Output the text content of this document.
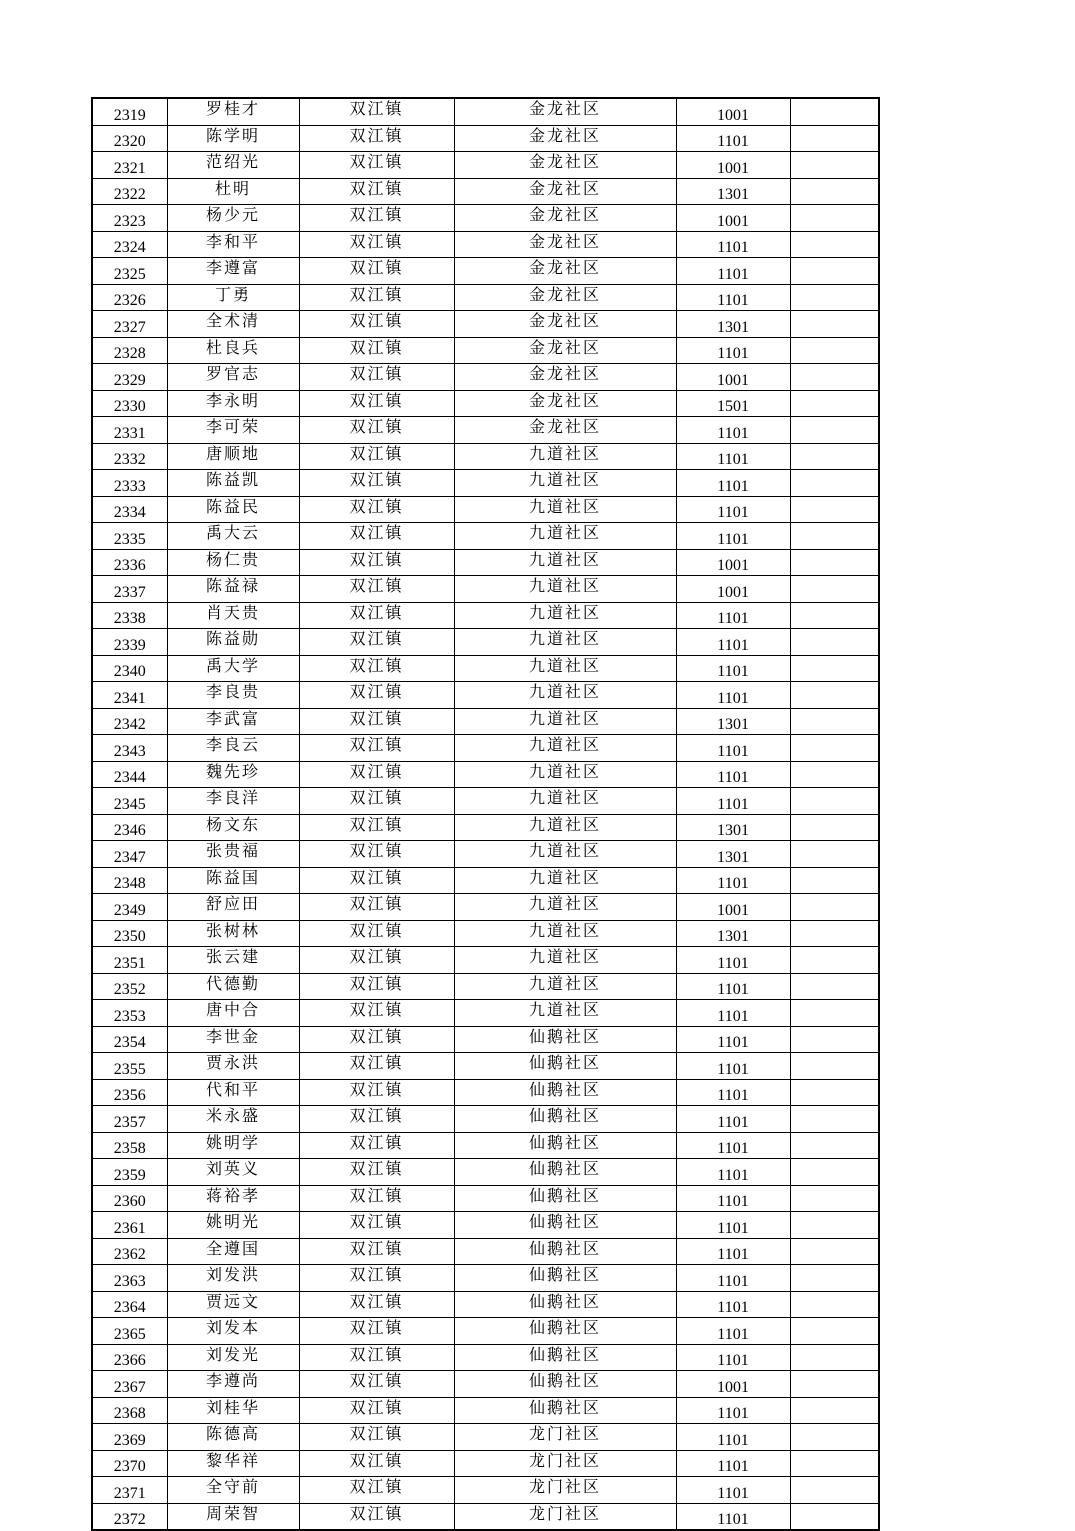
2319	罗桂才	双江镇	金龙社区	1001	
2320	陈学明	双江镇	金龙社区	1101	
2321	范绍光	双江镇	金龙社区	1001	
2322	杜明	双江镇	金龙社区	1301	
2323	杨少元	双江镇	金龙社区	1001	
2324	李和平	双江镇	金龙社区	1101	
2325	李遵富	双江镇	金龙社区	1101	
2326	丁勇	双江镇	金龙社区	1101	
2327	全术清	双江镇	金龙社区	1301	
2328	杜良兵	双江镇	金龙社区	1101	
2329	罗官志	双江镇	金龙社区	1001	
2330	李永明	双江镇	金龙社区	1501	
2331	李可荣	双江镇	金龙社区	1101	
2332	唐顺地	双江镇	九道社区	1101	
2333	陈益凯	双江镇	九道社区	1101	
2334	陈益民	双江镇	九道社区	1101	
2335	禹大云	双江镇	九道社区	1101	
2336	杨仁贵	双江镇	九道社区	1001	
2337	陈益禄	双江镇	九道社区	1001	
2338	肖天贵	双江镇	九道社区	1101	
2339	陈益勋	双江镇	九道社区	1101	
2340	禹大学	双江镇	九道社区	1101	
2341	李良贵	双江镇	九道社区	1101	
2342	李武富	双江镇	九道社区	1301	
2343	李良云	双江镇	九道社区	1101	
2344	魏先珍	双江镇	九道社区	1101	
2345	李良洋	双江镇	九道社区	1101	
2346	杨文东	双江镇	九道社区	1301	
2347	张贵福	双江镇	九道社区	1301	
2348	陈益国	双江镇	九道社区	1101	
2349	舒应田	双江镇	九道社区	1001	
2350	张树林	双江镇	九道社区	1301	
2351	张云建	双江镇	九道社区	1101	
2352	代德勤	双江镇	九道社区	1101	
2353	唐中合	双江镇	九道社区	1101	
2354	李世金	双江镇	仙鹅社区	1101	
2355	贾永洪	双江镇	仙鹅社区	1101	
2356	代和平	双江镇	仙鹅社区	1101	
2357	米永盛	双江镇	仙鹅社区	1101	
2358	姚明学	双江镇	仙鹅社区	1101	
2359	刘英义	双江镇	仙鹅社区	1101	
2360	蒋裕孝	双江镇	仙鹅社区	1101	
2361	姚明光	双江镇	仙鹅社区	1101	
2362	全遵国	双江镇	仙鹅社区	1101	
2363	刘发洪	双江镇	仙鹅社区	1101	
2364	贾远文	双江镇	仙鹅社区	1101	
2365	刘发本	双江镇	仙鹅社区	1101	
2366	刘发光	双江镇	仙鹅社区	1101	
2367	李遵尚	双江镇	仙鹅社区	1001	
2368	刘桂华	双江镇	仙鹅社区	1101	
2369	陈德高	双江镇	龙门社区	1101	
2370	黎华祥	双江镇	龙门社区	1101	
2371	全守前	双江镇	龙门社区	1101	
2372	周荣智	双江镇	龙门社区	1101	
